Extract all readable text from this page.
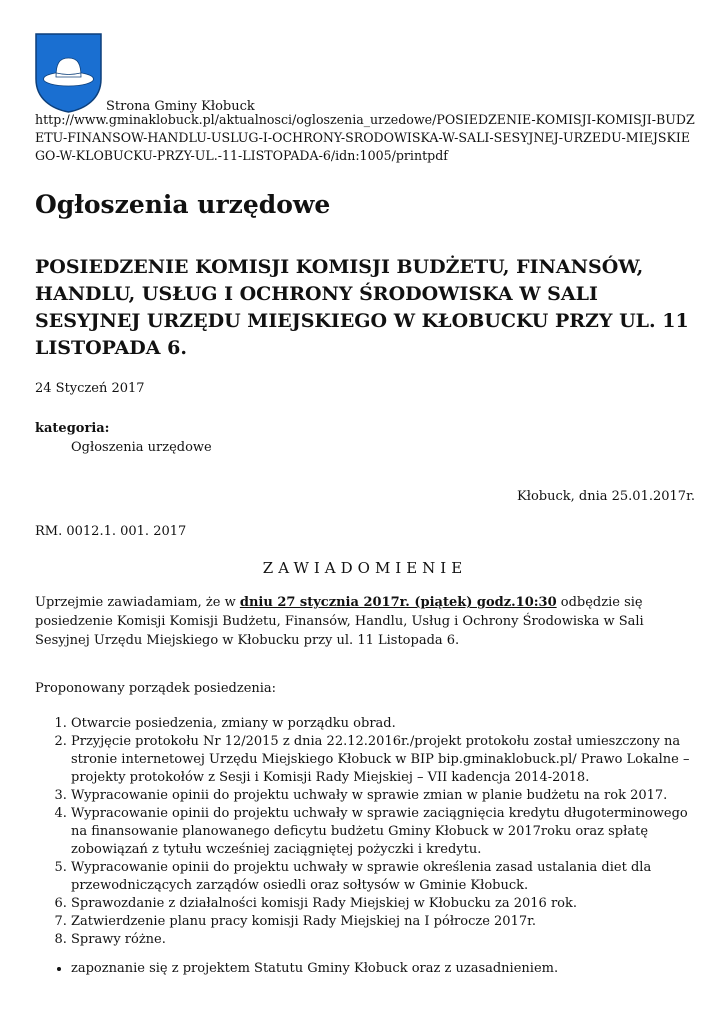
Strona Gminy Kłobuck
http://www.gminaklobuck.pl/aktualnosci/ogloszenia_urzedowe/POSIEDZENIE-KOMISJI-KOMISJI-BUDZETU-FINANSOW-HANDLU-USLUG-I-OCHRONY-SRODOWISKA-W-SALI-SESYJNEJ-URZEDU-MIEJSKIEGO-W-KLOBUCKU-PRZY-UL.-11-LISTOPADA-6/idn:1005/printpdf
Ogłoszenia urzędowe
POSIEDZENIE KOMISJI KOMISJI BUDŻETU, FINANSÓW, HANDLU, USŁUG I OCHRONY ŚRODOWISKA W SALI SESYJNEJ URZĘDU MIEJSKIEGO W KŁOBUCKU PRZY UL. 11 LISTOPADA 6.
24 Styczeń 2017
kategoria:
Ogłoszenia urzędowe
Kłobuck, dnia 25.01.2017r.
RM. 0012.1. 001. 2017
ZAWIADOMIENIE
Uprzejmie zawiadamiam, że w dniu 27 stycznia 2017r. (piątek) godz.10:30 odbędzie się posiedzenie Komisji Komisji Budżetu, Finansów, Handlu, Usług i Ochrony Środowiska w Sali Sesyjnej Urzędu Miejskiego w Kłobucku przy ul. 11 Listopada 6.
Proponowany porządek posiedzenia:
1. Otwarcie posiedzenia, zmiany w porządku obrad.
2. Przyjęcie protokołu Nr 12/2015 z dnia 22.12.2016r./projekt protokołu został umieszczony na stronie internetowej Urzędu Miejskiego Kłobuck w BIP bip.gminaklobuck.pl/ Prawo Lokalne – projekty protokołów z Sesji i Komisji Rady Miejskiej – VII kadencja 2014-2018.
3. Wypracowanie opinii do projektu uchwały w sprawie zmian w planie budżetu na rok 2017.
4. Wypracowanie opinii do projektu uchwały w sprawie zaciągnięcia kredytu długoterminowego na finansowanie planowanego deficytu budżetu Gminy Kłobuck w 2017roku oraz spłatę zobowiązań z tytułu wcześniej zaciągniętej pożyczki i kredytu.
5. Wypracowanie opinii do projektu uchwały w sprawie określenia zasad ustalania diet dla przewodniczących zarządów osiedli oraz sołtysów w Gminie Kłobuck.
6. Sprawozdanie z działalności komisji Rady Miejskiej w Kłobucku za 2016 rok.
7. Zatwierdzenie planu pracy komisji Rady Miejskiej na I półrocze 2017r.
8. Sprawy różne.
• zapoznanie się z projektem Statutu Gminy Kłobuck oraz z uzasadnieniem.
